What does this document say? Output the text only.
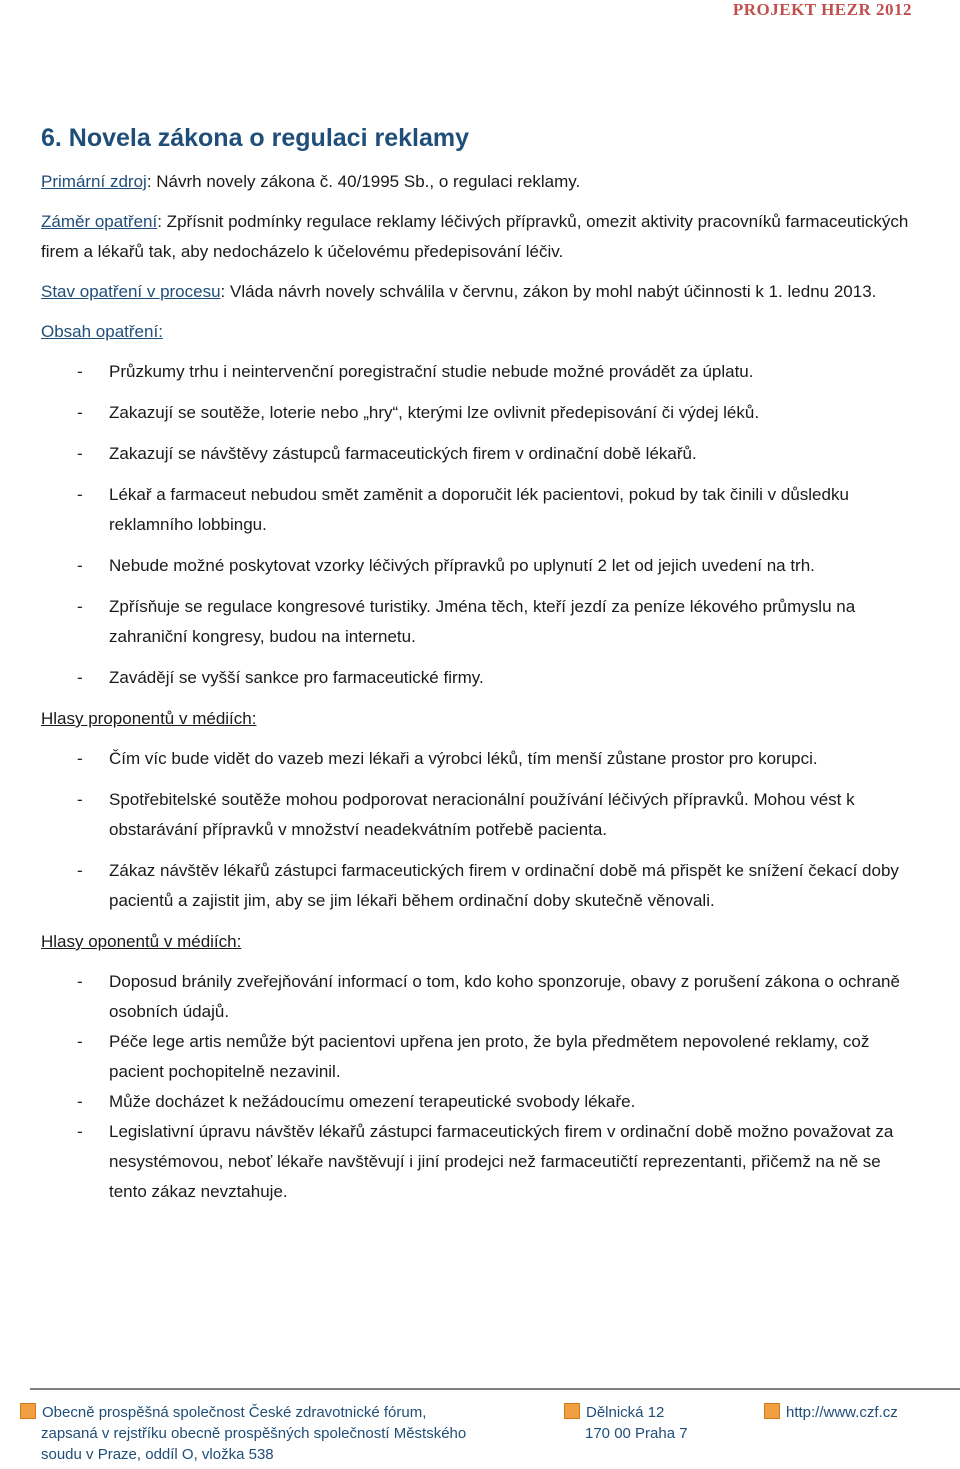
PROJEKT HEZR 2012
6. Novela zákona o regulaci reklamy

Primární zdroj: Návrh novely zákona č. 40/1995 Sb., o regulaci reklamy.

Záměr opatření: Zpřísnit podmínky regulace reklamy léčivých přípravků, omezit aktivity pracovníků farmaceutických firem a lékařů tak, aby nedocházelo k účelovému předepisování léčiv.

Stav opatření v procesu: Vláda návrh novely schválila v červnu, zákon by mohl nabýt účinnosti k 1. lednu 2013.

Obsah opatření:

- Průzkumy trhu i neintervenční poregistrační studie nebude možné provádět za úplatu.
- Zakazují se soutěže, loterie nebo „hry“, kterými lze ovlivnit předepisování či výdej léků.
- Zakazují se návštěvy zástupců farmaceutických firem v ordinační době lékařů.
- Lékař a farmaceut nebudou smět zaměnit a doporučit lék pacientovi, pokud by tak činili v důsledku reklamního lobbingu.
- Nebude možné poskytovat vzorky léčivých přípravků po uplynutí 2 let od jejich uvedení na trh.
- Zpřísňuje se regulace kongresové turistiky. Jména těch, kteří jezdí za peníze lékového průmyslu na zahraniční kongresy, budou na internetu.
- Zavádějí se vyšší sankce pro farmaceutické firmy.

Hlasy proponentů v médiích:

- Čím víc bude vidět do vazeb mezi lékaři a výrobci léků, tím menší zůstane prostor pro korupci.
- Spotřebitelské soutěže mohou podporovat neracionální používání léčivých přípravků. Mohou vést k obstarávání přípravků v množství neadekvátním potřebě pacienta.
- Zákaz návštěv lékařů zástupci farmaceutických firem v ordinační době má přispět ke snížení čekací doby pacientů a zajistit jim, aby se jim lékaři během ordinační doby skutečně věnovali.

Hlasy oponentů v médiích:

- Doposud bránily zveřejňování informací o tom, kdo koho sponzoruje, obavy z porušení zákona o ochraně osobních údajů.
- Péče lege artis nemůže být pacientovi upřena jen proto, že byla předmětem nepovolené reklamy, což pacient pochopitelně nezavinil.
- Může docházet k nežádoucímu omezení terapeutické svobody lékaře.
- Legislativní úpravu návštěv lékařů zástupci farmaceutických firem v ordinační době možno považovat za nesystémovou, neboť lékaře navštěvují i jiní prodejci než farmaceutičtí reprezentanti, přičemž na ně se tento zákaz nevztahuje.
Obecně prospěšná společnost České zdravotnické fórum,
zapsaná v rejstříku obecně prospěšných společností Městského
soudu v Praze, oddíl O, vložka 538
Dělnická 12
170 00 Praha 7
http://www.czf.cz
